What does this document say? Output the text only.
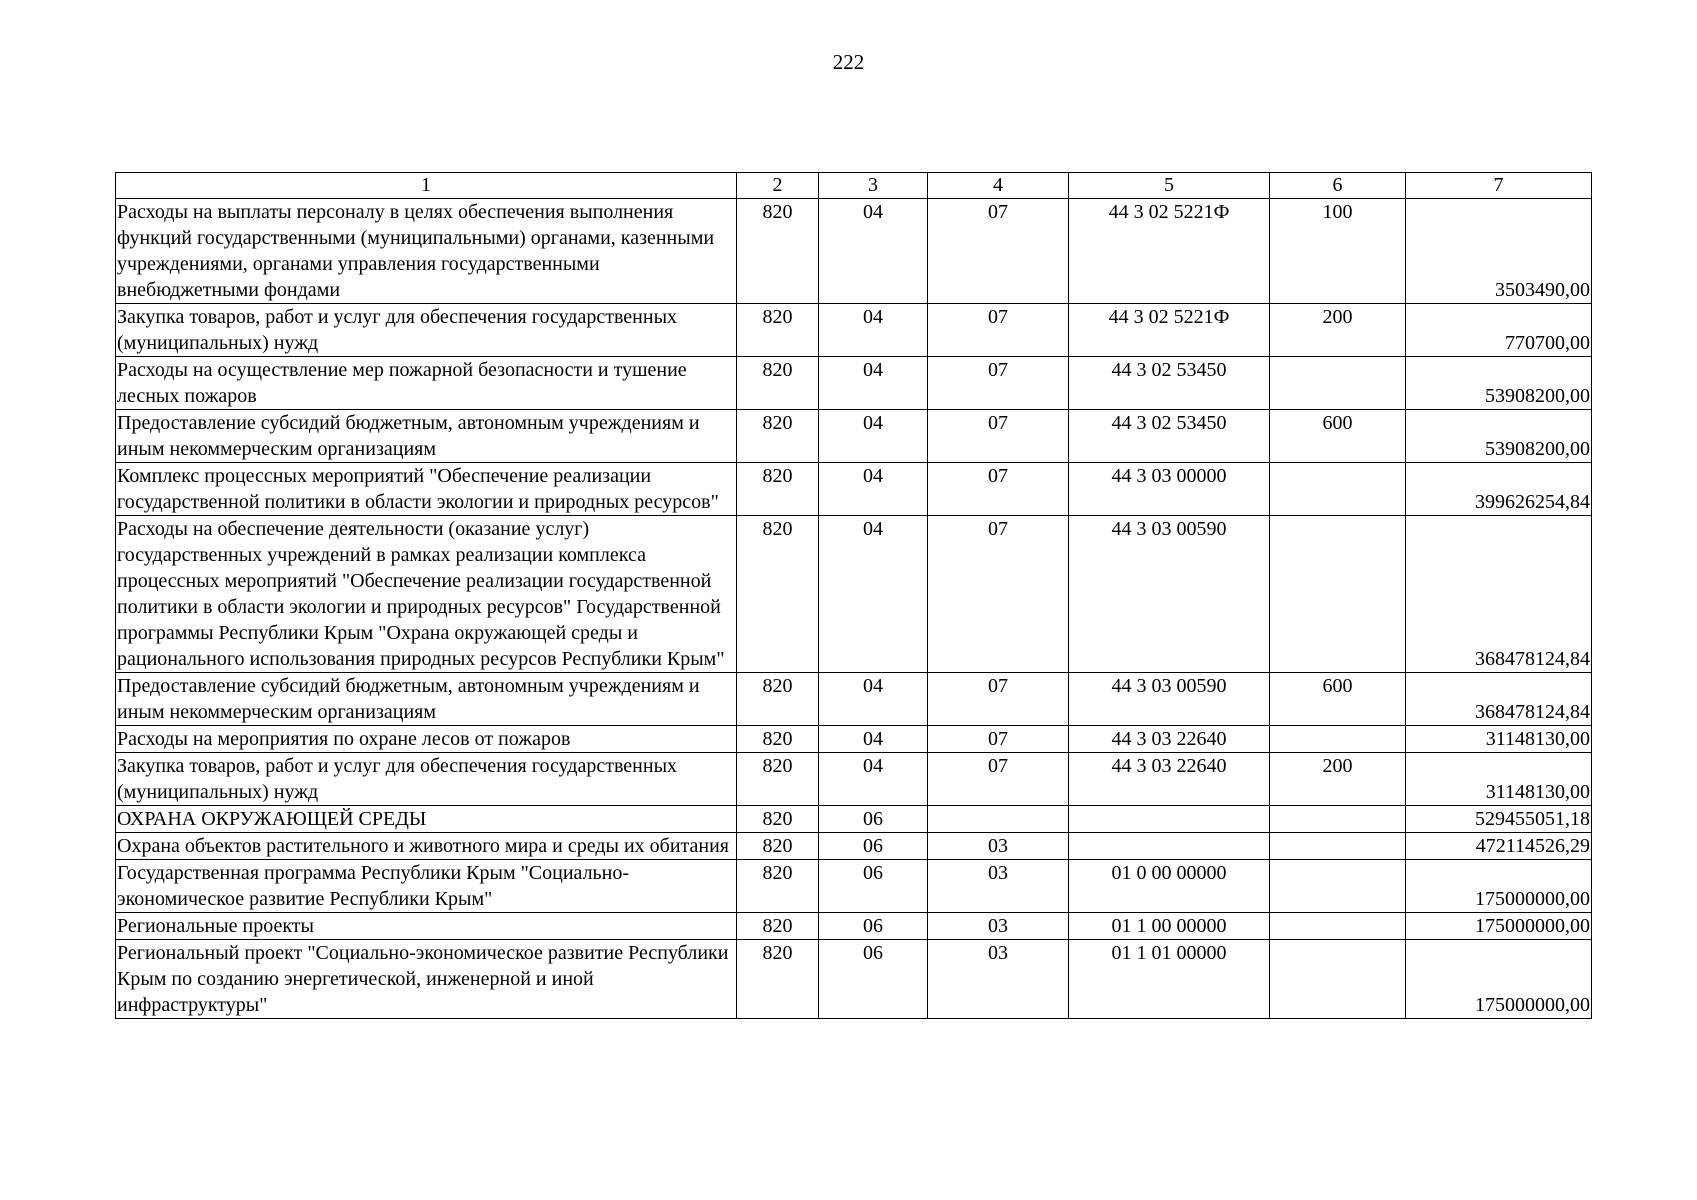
222
1	2	3	4	5	6	7
Расходы на выплаты персоналу в целях обеспечения выполнения функций государственными (муниципальными) органами, казенными учреждениями, органами управления государственными внебюджетными фондами	820	04	07	44 3 02 5221Ф	100	3503490,00
Закупка товаров, работ и услуг для обеспечения государственных (муниципальных) нужд	820	04	07	44 3 02 5221Ф	200	770700,00
Расходы на осуществление мер пожарной безопасности и тушение лесных пожаров	820	04	07	44 3 02 53450		53908200,00
Предоставление субсидий бюджетным, автономным учреждениям и иным некоммерческим организациям	820	04	07	44 3 02 53450	600	53908200,00
Комплекс процессных мероприятий "Обеспечение реализации государственной политики в области экологии и природных ресурсов"	820	04	07	44 3 03 00000		399626254,84
Расходы на обеспечение деятельности (оказание услуг) государственных учреждений в рамках реализации комплекса процессных мероприятий "Обеспечение реализации государственной политики в области экологии и природных ресурсов" Государственной программы Республики Крым "Охрана окружающей среды и рационального использования природных ресурсов Республики Крым"	820	04	07	44 3 03 00590		368478124,84
Предоставление субсидий бюджетным, автономным учреждениям и иным некоммерческим организациям	820	04	07	44 3 03 00590	600	368478124,84
Расходы на мероприятия по охране лесов от пожаров	820	04	07	44 3 03 22640		31148130,00
Закупка товаров, работ и услуг для обеспечения государственных (муниципальных) нужд	820	04	07	44 3 03 22640	200	31148130,00
ОХРАНА ОКРУЖАЮЩЕЙ СРЕДЫ	820	06				529455051,18
Охрана объектов растительного и животного мира и среды их обитания	820	06	03			472114526,29
Государственная программа Республики Крым "Социально-экономическое развитие Республики Крым"	820	06	03	01 0 00 00000		175000000,00
Региональные проекты	820	06	03	01 1 00 00000		175000000,00
Региональный проект "Социально-экономическое развитие Республики Крым по созданию энергетической, инженерной и иной инфраструктуры"	820	06	03	01 1 01 00000		175000000,00
